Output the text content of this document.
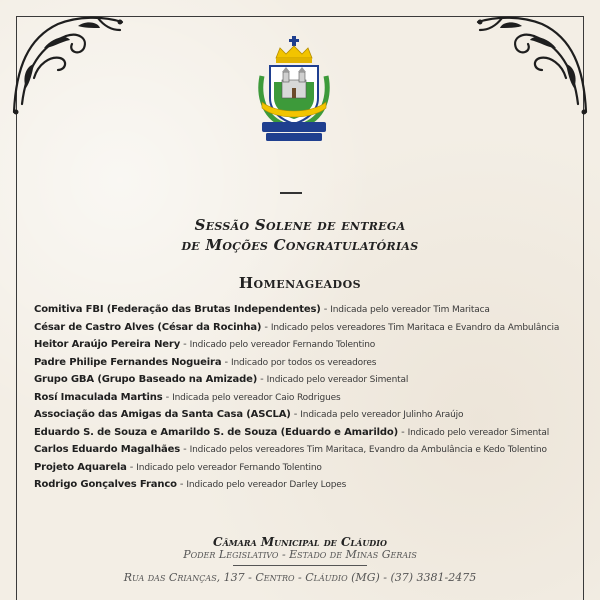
Sessão Solene de entrega
de Moções Congratulatórias
Homenageados
Comitiva FBI (Federação das Brutas Independentes) - Indicada pelo vereador Tim Maritaca
César de Castro Alves (César da Rocinha) - Indicado pelos vereadores Tim Maritaca e Evandro da Ambulância
Heitor Araújo Pereira Nery - Indicado pelo vereador Fernando Tolentino
Padre Philipe Fernandes Nogueira - Indicado por todos os vereadores
Grupo GBA (Grupo Baseado na Amizade) - Indicado pelo vereador Simental
Rosí Imaculada Martins - Indicada pelo vereador Caio Rodrigues
Associação das Amigas da Santa Casa (ASCLA) - Indicada pelo vereador Julinho Araújo
Eduardo S. de Souza e Amarildo S. de Souza (Eduardo e Amarildo) - Indicado pelo vereador Simental
Carlos Eduardo Magalhães - Indicado pelos vereadores Tim Maritaca, Evandro da Ambulância e Kedo Tolentino
Projeto Aquarela - Indicado pelo vereador Fernando Tolentino
Rodrigo Gonçalves Franco - Indicado pelo vereador Darley Lopes
Câmara Municipal de Cláudio
Poder Legislativo - Estado de Minas Gerais
Rua das Crianças, 137 - Centro - Cláudio (MG) - (37) 3381-2475
